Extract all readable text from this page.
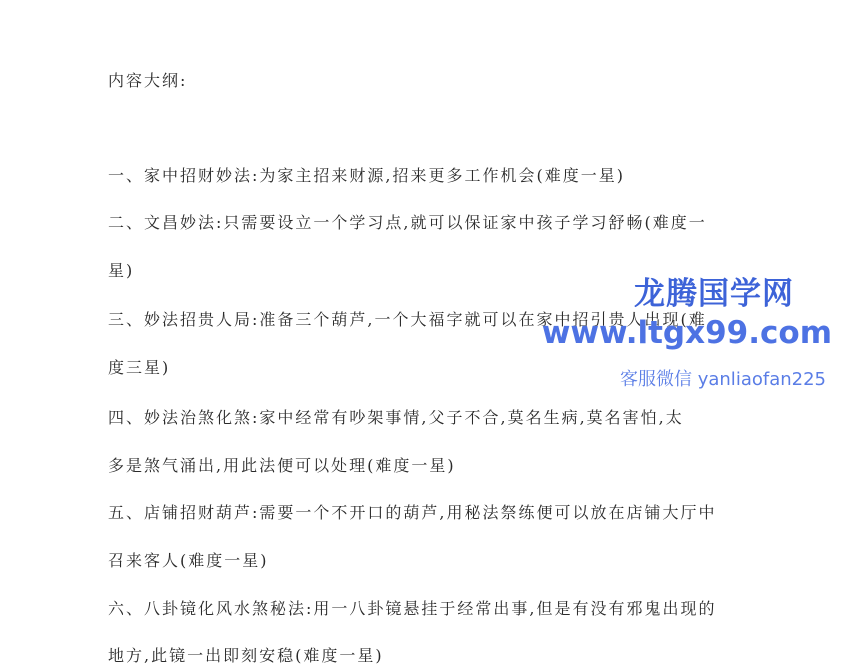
内容大纲:
一、家中招财妙法:为家主招来财源,招来更多工作机会(难度一星)
二、文昌妙法:只需要设立一个学习点,就可以保证家中孩子学习舒畅(难度一
星)
三、妙法招贵人局:准备三个葫芦,一个大福字就可以在家中招引贵人出现(难
度三星)
四、妙法治煞化煞:家中经常有吵架事情,父子不合,莫名生病,莫名害怕,太
多是煞气涌出,用此法便可以处理(难度一星)
五、店铺招财葫芦:需要一个不开口的葫芦,用秘法祭练便可以放在店铺大厅中
召来客人(难度一星)
六、八卦镜化风水煞秘法:用一八卦镜悬挂于经常出事,但是有没有邪鬼出现的
地方,此镜一出即刻安稳(难度一星)
龙腾国学网
www.ltgx99.com
客服微信 yanliaofan225
